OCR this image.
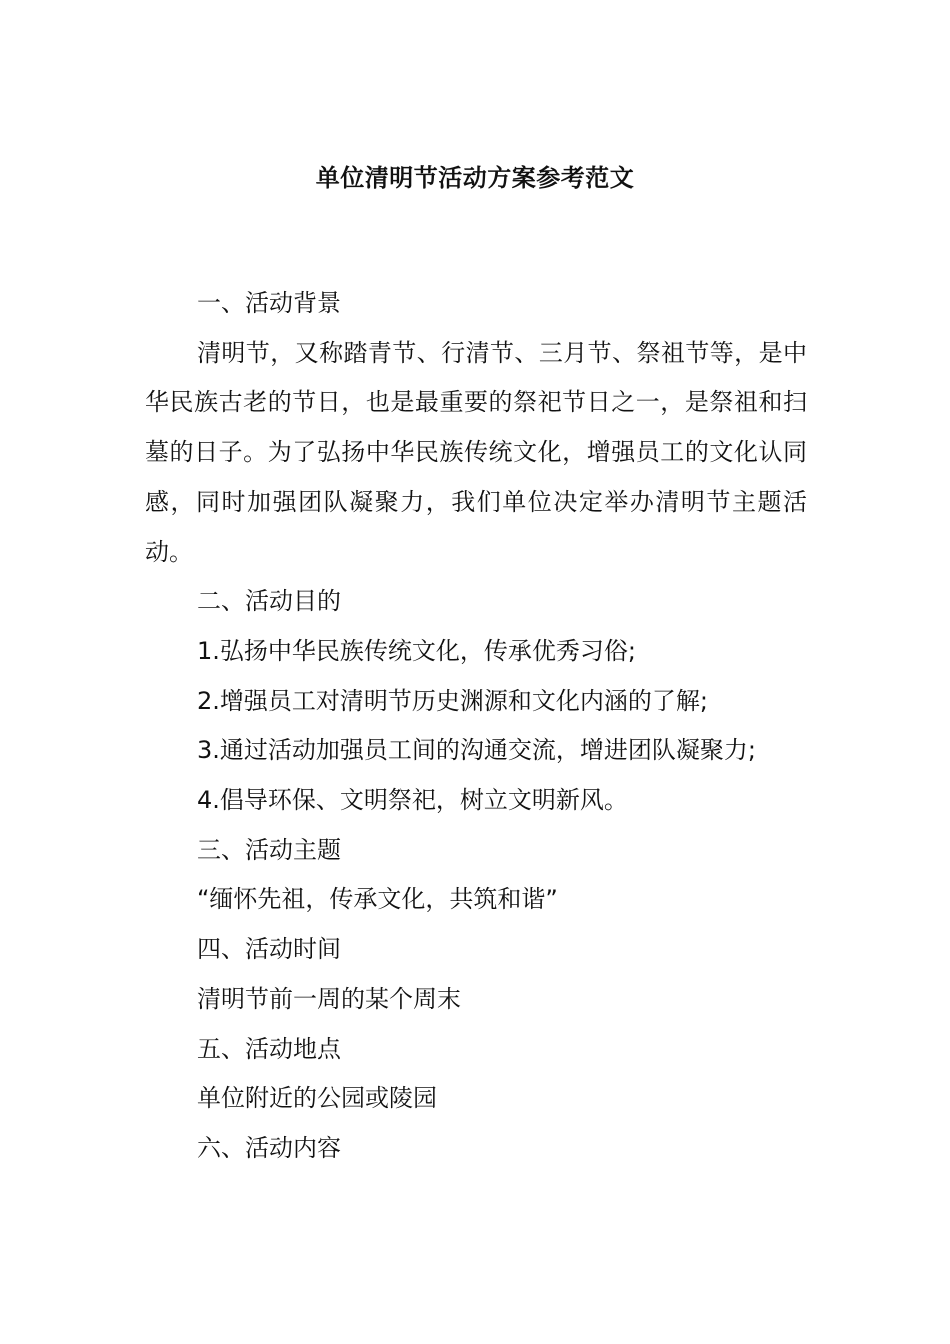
单位清明节活动方案参考范文
一、活动背景
清明节，又称踏青节、行清节、三月节、祭祖节等，是中华民族古老的节日，也是最重要的祭祀节日之一，是祭祖和扫墓的日子。为了弘扬中华民族传统文化，增强员工的文化认同感，同时加强团队凝聚力，我们单位决定举办清明节主题活动。
二、活动目的
1.弘扬中华民族传统文化，传承优秀习俗;
2.增强员工对清明节历史渊源和文化内涵的了解;
3.通过活动加强员工间的沟通交流，增进团队凝聚力;
4.倡导环保、文明祭祀，树立文明新风。
三、活动主题
“缅怀先祖，传承文化，共筑和谐”
四、活动时间
清明节前一周的某个周末
五、活动地点
单位附近的公园或陵园
六、活动内容
